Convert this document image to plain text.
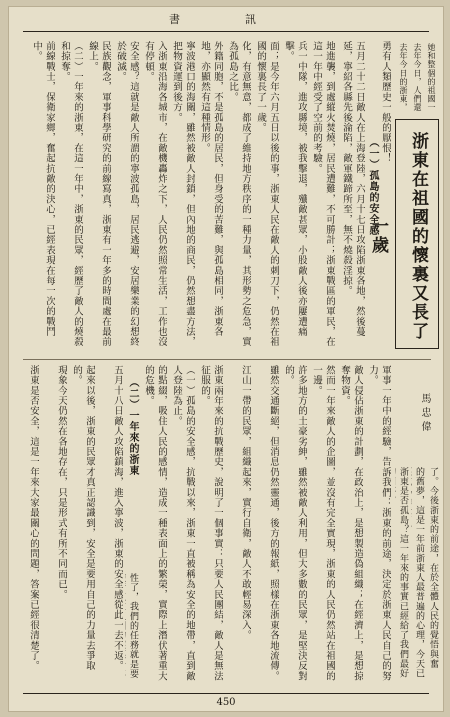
書	訊
浙東在祖國的懷裏又長了一歲
馬忠偉
（一）孤島的安全感
（二）一年來的浙東
勇有人類歷史一般的厭恨！
五月二十二日敵人在上海登陸，六月十七日攻陷浙東各地，然後蔓延，寧紹各縣先後淪陷，敵軍鐵蹄所至，無不燒殺淫掠。
地進襲，到處縱火焚燒，居民遭難，不可勝計；浙東戰區的軍民，在這一年中經受了空前的考驗。
兵一中隊，進攻縣境，被我擊退，殲敵甚眾，小股敵人後亦屢遭痛擊。
面；是今年六月五日以後的事，浙東人民在敵人的刺刀下，仍然在祖國的懷裏長了一歲。
化，有意無意，都成了維持地方秩序的一種力量，其形勢之危急，實為孤島之比。
外籍同胞，不是孤島的居民，但身受的苦難，與孤島相同，浙東各地，亦顯然有這種情形。
寧波港口的海關，雖然被敵人封鎖，但內地的商民，仍然想盡方法，把物資運到後方。
入浙東沿海各城市，在敵機轟炸之下，人民仍然照常生活，工作也沒有停頓。
安全感？這就是敵人所謂的寧波孤島，居民逃避，安居樂業的幻想終於破滅。
民族觀念，軍事科學研究的前線寫真，浙東有一年多的時間處在最前線上。
（二）一年來的浙東，在這一年中，浙東的民眾，經歷了敵人的燒殺和掠奪。
前線戰士，保衛家鄉，奮起抗敵的決心，已經表現在每一次的戰鬥中。
軍事一年中的經驗，告訴我們：浙東的前途，決定於浙東人民自己的努力。
敵人侵佔浙東的計劃，在政治上，是想製造偽組織；在經濟上，是想掠奪物資。
然而一年來敵人的企圖，並沒有完全實現，浙東的人民仍然站在祖國的一邊。
許多地方的土豪劣紳，雖然被敵人利用，但大多數的民眾，是堅決反對的。
雖然交通斷絕，但消息仍然靈通，後方的報紙，照樣在浙東各地流傳。
江山一帶的民眾，組織起來，實行自衛，敵人不敢輕易深入。
浙東兩年來的抗戰歷史，說明了一個事實：只要人民團結，敵人是無法征服的。
（一）孤島的安全感，抗戰以來，浙東一直被稱為安全的地帶，直到敵人登陸為止。
的點綴，吸住人民的感情，造成一種表面上的繁榮，實際上潛伏著重大的危機。
五月十八日敵人攻陷鎮海，進入寧波，浙東的安全感從此一去不返。
起來以後，浙東的民眾才真正認識到，安全是要用自己的力量去爭取的。
現象今天仍然在各地存在，只是形式有所不同而已。
浙東是否安全，這是一年來大家最關心的問題，答案已經很清楚了。	浙東是否孤島？這一年來的事實已經給了我們最好
的舊夢，這是一年前浙東人最普遍的心理，今天已
了。今後浙東的前途，在於全體人民的覺悟與奮
去年今日的浙東，
去年今日，人們還
她和整個的祖國一
性了，我們的任務就是要
450
